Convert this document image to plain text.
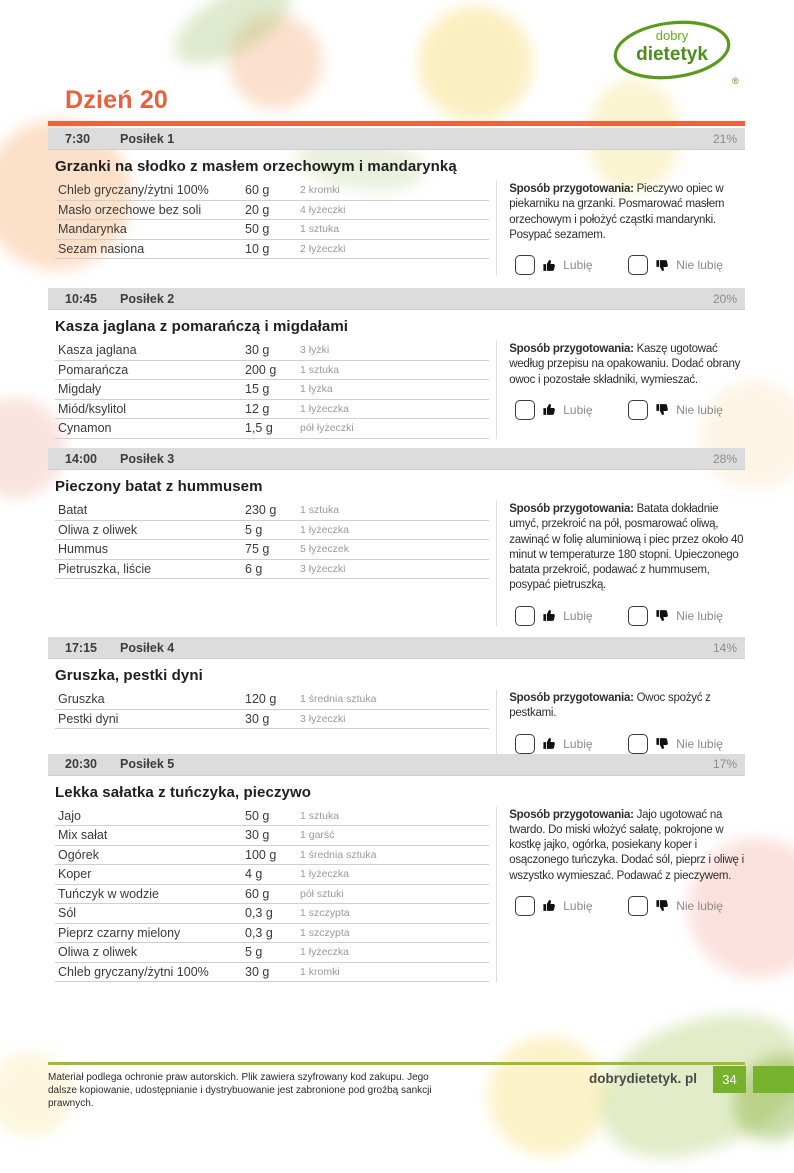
dobry
dietetyk
®
Dzień 20
7:30	Posiłek 1	21%
Grzanki na słodko z masłem orzechowym i mandarynką
Chleb gryczany/żytni 100%	60 g	2 kromki
Masło orzechowe bez soli	20 g	4 łyżeczki
Mandarynka	50 g	1 sztuka
Sezam nasiona	10 g	2 łyżeczki

Sposób przygotowania: Pieczywo opiec w piekarniku na grzanki. Posmarować masłem orzechowym i położyć cząstki mandarynki. Posypać sezamem.

Lubię	Nie lubię
10:45	Posiłek 2	20%
Kasza jaglana z pomarańczą i migdałami
Kasza jaglana	30 g	3 łyżki
Pomarańcza	200 g	1 sztuka
Migdały	15 g	1 łyżka
Miód/ksylitol	12 g	1 łyżeczka
Cynamon	1,5 g	pół łyżeczki

Sposób przygotowania: Kaszę ugotować według przepisu na opakowaniu. Dodać obrany owoc i pozostałe składniki, wymieszać.

Lubię	Nie lubię
14:00	Posiłek 3	28%
Pieczony batat z hummusem
Batat	230 g	1 sztuka
Oliwa z oliwek	5 g	1 łyżeczka
Hummus	75 g	5 łyżeczek
Pietruszka, liście	6 g	3 łyżeczki

Sposób przygotowania: Batata dokładnie umyć, przekroić na pół, posmarować oliwą, zawinąć w folię aluminiową i piec przez około 40 minut w temperaturze 180 stopni. Upieczonego batata przekroić, podawać z hummusem, posypać pietruszką.

Lubię	Nie lubię
17:15	Posiłek 4	14%
Gruszka, pestki dyni
Gruszka	120 g	1 średnia sztuka
Pestki dyni	30 g	3 łyżeczki

Sposób przygotowania: Owoc spożyć z pestkami.

Lubię	Nie lubię
20:30	Posiłek 5	17%
Lekka sałatka z tuńczyka, pieczywo
Jajo	50 g	1 sztuka
Mix sałat	30 g	1 garść
Ogórek	100 g	1 średnia sztuka
Koper	4 g	1 łyżeczka
Tuńczyk w wodzie	60 g	pół sztuki
Sól	0,3 g	1 szczypta
Pieprz czarny mielony	0,3 g	1 szczypta
Oliwa z oliwek	5 g	1 łyżeczka
Chleb gryczany/żytni 100%	30 g	1 kromki

Sposób przygotowania: Jajo ugotować na twardo. Do miski włożyć sałatę, pokrojone w kostkę jajko, ogórka, posiekany koper i osączonego tuńczyka. Dodać sól, pieprz i oliwę i wszystko wymieszać. Podawać z pieczywem.

Lubię	Nie lubię

Materiał podlega ochronie praw autorskich. Plik zawiera szyfrowany kod zakupu. Jego dalsze kopiowanie, udostępnianie i dystrybuowanie jest zabronione pod groźbą sankcji prawnych.

dobrydietetyk. pl	34
